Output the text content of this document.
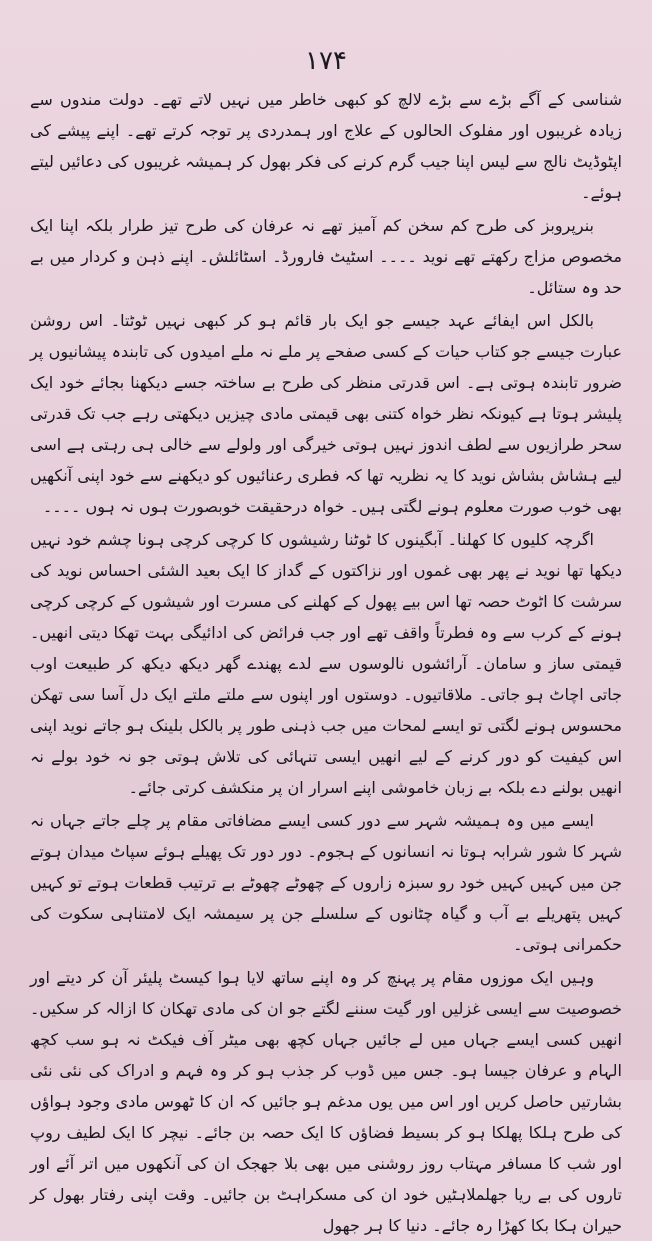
۱۷۴

شناسی کے آگے بڑے سے بڑے لالچ کو کبھی خاطر میں نہیں لاتے تھے۔ دولت مندوں سے زیادہ غریبوں اور مفلوک الحالوں کے علاج اور ہمدردی پر توجہ کرتے تھے۔ اپنے پیشے کی اپٹوڈیٹ نالج سے لیس اپنا جیب گرم کرنے کی فکر بھول کر ہمیشہ غریبوں کی دعائیں لیتے ہوئے۔

بنرپروبز کی طرح کم سخن کم آمیز تھے نہ عرفان کی طرح تیز طرار بلکہ اپنا ایک مخصوص مزاج رکھتے تھے نوید ۔۔۔۔ اسٹیٹ فارورڈ۔ اسٹائلش۔ اپنے ذہن و کردار میں بے حد وہ ستائل۔

بالکل اس ایفائے عہد جیسے جو ایک بار قائم ہو کر کبھی نہیں ٹوٹتا۔ اس روشن عبارت جیسے جو کتاب حیات کے کسی صفحے پر ملے نہ ملے امیدوں کی تابندہ پیشانیوں پر ضرور تابندہ ہوتی ہے۔ اس قدرتی منظر کی طرح بے ساختہ جسے دیکھنا بجائے خود ایک پلیشر ہوتا ہے کیونکہ نظر خواہ کتنی بھی قیمتی مادی چیزیں دیکھتی رہے جب تک قدرتی سحر طرازیوں سے لطف اندوز نہیں ہوتی خیرگی اور ولولے سے خالی ہی رہتی ہے اسی لیے ہشاش بشاش نوید کا یہ نظریہ تھا کہ فطری رعنائیوں کو دیکھنے سے خود اپنی آنکھیں بھی خوب صورت معلوم ہونے لگتی ہیں۔ خواہ درحقیقت خوبصورت ہوں نہ ہوں ۔۔۔۔

اگرچہ کلیوں کا کھلنا۔ آبگینوں کا ٹوٹنا رشیشوں کا کرچی کرچی ہونا چشم خود نہیں دیکھا تھا نوید نے پھر بھی غموں اور نزاکتوں کے گداز کا ایک بعید الشئی احساس نوید کی سرشت کا اٹوٹ حصہ تھا اس بیے پھول کے کھلنے کی مسرت اور شیشوں کے کرچی کرچی ہونے کے کرب سے وہ فطرتاً واقف تھے اور جب فرائض کی ادائیگی بہت تھکا دیتی انھیں۔ قیمتی ساز و سامان۔ آرائشوں نالوسوں سے لدے پھندے گھر دیکھ دیکھ کر طبیعت اوب جاتی اچاٹ ہو جاتی۔ ملاقاتیوں۔ دوستوں اور اپنوں سے ملتے ملتے ایک دل آسا سی تھکن محسوس ہونے لگتی تو ایسے لمحات میں جب ذہنی طور پر بالکل بلینک ہو جاتے نوید اپنی اس کیفیت کو دور کرنے کے لیے انھیں ایسی تنہائی کی تلاش ہوتی جو نہ خود بولے نہ انھیں بولنے دے بلکہ بے زبان خاموشی اپنے اسرار ان پر منکشف کرتی جائے۔

ایسے میں وہ ہمیشہ شہر سے دور کسی ایسے مضافاتی مقام پر چلے جاتے جہاں نہ شہر کا شور شرابہ ہوتا نہ انسانوں کے ہجوم۔ دور دور تک پھیلے ہوئے سپاٹ میدان ہوتے جن میں کہیں کہیں خود رو سبزہ زاروں کے چھوٹے چھوٹے بے ترتیب قطعات ہوتے تو کہیں کہیں پتھریلے بے آب و گیاہ چٹانوں کے سلسلے جن پر سیمشہ ایک لامتناہی سکوت کی حکمرانی ہوتی۔

وہیں ایک موزوں مقام پر پہنچ کر وہ اپنے ساتھ لایا ہوا کیسٹ پلیئر آن کر دیتے اور خصوصیت سے ایسی غزلیں اور گیت سننے لگتے جو ان کی مادی تھکان کا ازالہ کر سکیں۔ انھیں کسی ایسے جہاں میں لے جائیں جہاں کچھ بھی میٹر آف فیکٹ نہ ہو سب کچھ الہام و عرفان جیسا ہو۔ جس میں ڈوب کر جذب ہو کر وہ فہم و ادراک کی نئی نئی بشارتیں حاصل کریں اور اس میں یوں مدغم ہو جائیں کہ ان کا ٹھوس مادی وجود ہواؤں کی طرح ہلکا پھلکا ہو کر بسیط فضاؤں کا ایک حصہ بن جائے۔ نیچر کا ایک لطیف روپ اور شب کا مسافر مہتاب روز روشنی میں بھی بلا جھجک ان کی آنکھوں میں اتر آئے اور تاروں کی بے ریا جھلملاہٹیں خود ان کی مسکراہٹ بن جائیں۔ وقت اپنی رفتار بھول کر حیران ہکا بکا کھڑا رہ جائے۔ دنیا کا ہر جھول
